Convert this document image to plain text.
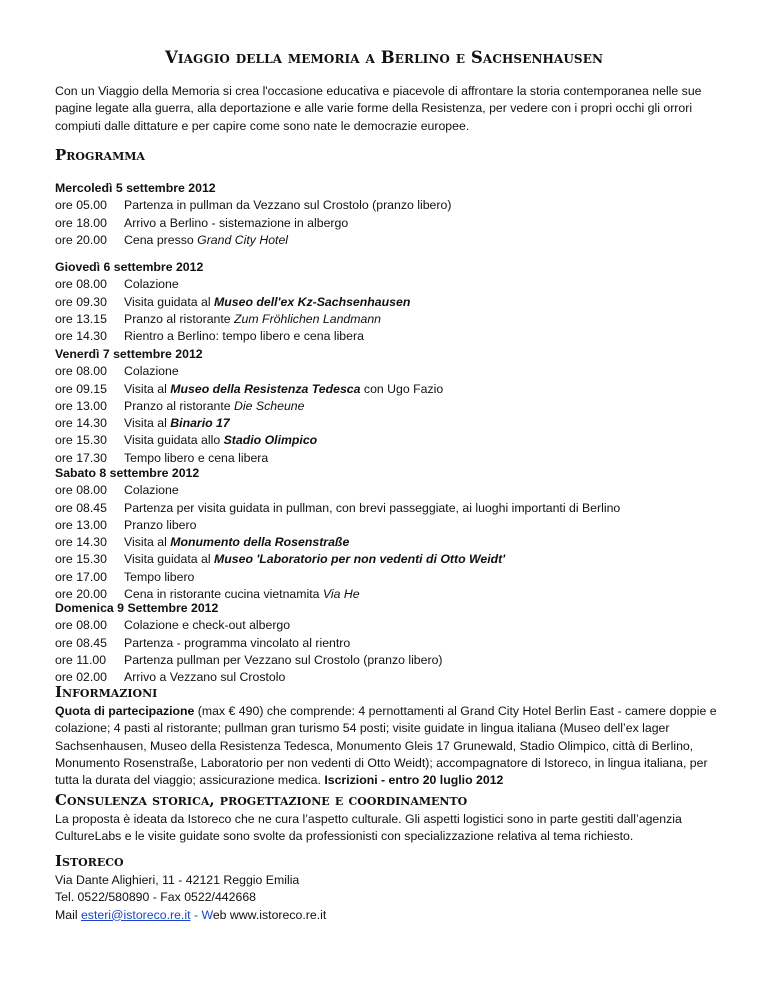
Viaggio della memoria a Berlino e Sachsenhausen
Con un Viaggio della Memoria si crea l'occasione educativa e piacevole di affrontare la storia contemporanea nelle sue pagine legate alla guerra, alla deportazione e alle varie forme della Resistenza, per vedere con i propri occhi gli orrori compiuti dalle dittature e per capire come sono nate le democrazie europee.
Programma
Mercoledì 5 settembre 2012
ore 05.00 Partenza in pullman da Vezzano sul Crostolo (pranzo libero)
ore 18.00 Arrivo a Berlino - sistemazione in albergo
ore 20.00 Cena presso Grand City Hotel
Giovedì 6 settembre 2012
ore 08.00 Colazione
ore 09.30 Visita guidata al Museo dell'ex Kz-Sachsenhausen
ore 13.15 Pranzo al ristorante Zum Fröhlichen Landmann
ore 14.30 Rientro a Berlino: tempo libero e cena libera
Venerdì 7 settembre 2012
ore 08.00 Colazione
ore 09.15 Visita al Museo della Resistenza Tedesca con Ugo Fazio
ore 13.00 Pranzo al ristorante Die Scheune
ore 14.30 Visita al Binario 17
ore 15.30 Visita guidata allo Stadio Olimpico
ore 17.30 Tempo libero e cena libera
Sabato 8 settembre 2012
ore 08.00 Colazione
ore 08.45 Partenza per visita guidata in pullman, con brevi passeggiate, ai luoghi importanti di Berlino
ore 13.00 Pranzo libero
ore 14.30 Visita al Monumento della Rosenstraße
ore 15.30 Visita guidata al Museo 'Laboratorio per non vedenti di Otto Weidt'
ore 17.00 Tempo libero
ore 20.00 Cena in ristorante cucina vietnamita Via He
Domenica 9 Settembre 2012
ore 08.00 Colazione e check-out albergo
ore 08.45 Partenza - programma vincolato al rientro
ore 11.00 Partenza pullman per Vezzano sul Crostolo (pranzo libero)
ore 02.00 Arrivo a Vezzano sul Crostolo
Informazioni
Quota di partecipazione (max € 490) che comprende: 4 pernottamenti al Grand City Hotel Berlin East - camere doppie e colazione; 4 pasti al ristorante; pullman gran turismo 54 posti; visite guidate in lingua italiana (Museo dell’ex lager Sachsenhausen, Museo della Resistenza Tedesca, Monumento Gleis 17 Grunewald, Stadio Olimpico, città di Berlino, Monumento Rosenstraße, Laboratorio per non vedenti di Otto Weidt); accompagnatore di Istoreco, in lingua italiana, per tutta la durata del viaggio; assicurazione medica. Iscrizioni - entro 20 luglio 2012
Consulenza storica, progettazione e coordinamento
La proposta è ideata da Istoreco che ne cura l’aspetto culturale. Gli aspetti logistici sono in parte gestiti dall’agenzia CultureLabs e le visite guidate sono svolte da professionisti con specializzazione relativa al tema richiesto.
Istoreco
Via Dante Alighieri, 11 - 42121 Reggio Emilia
Tel. 0522/580890 - Fax 0522/442668
Mail esteri@istoreco.re.it - Web www.istoreco.re.it
